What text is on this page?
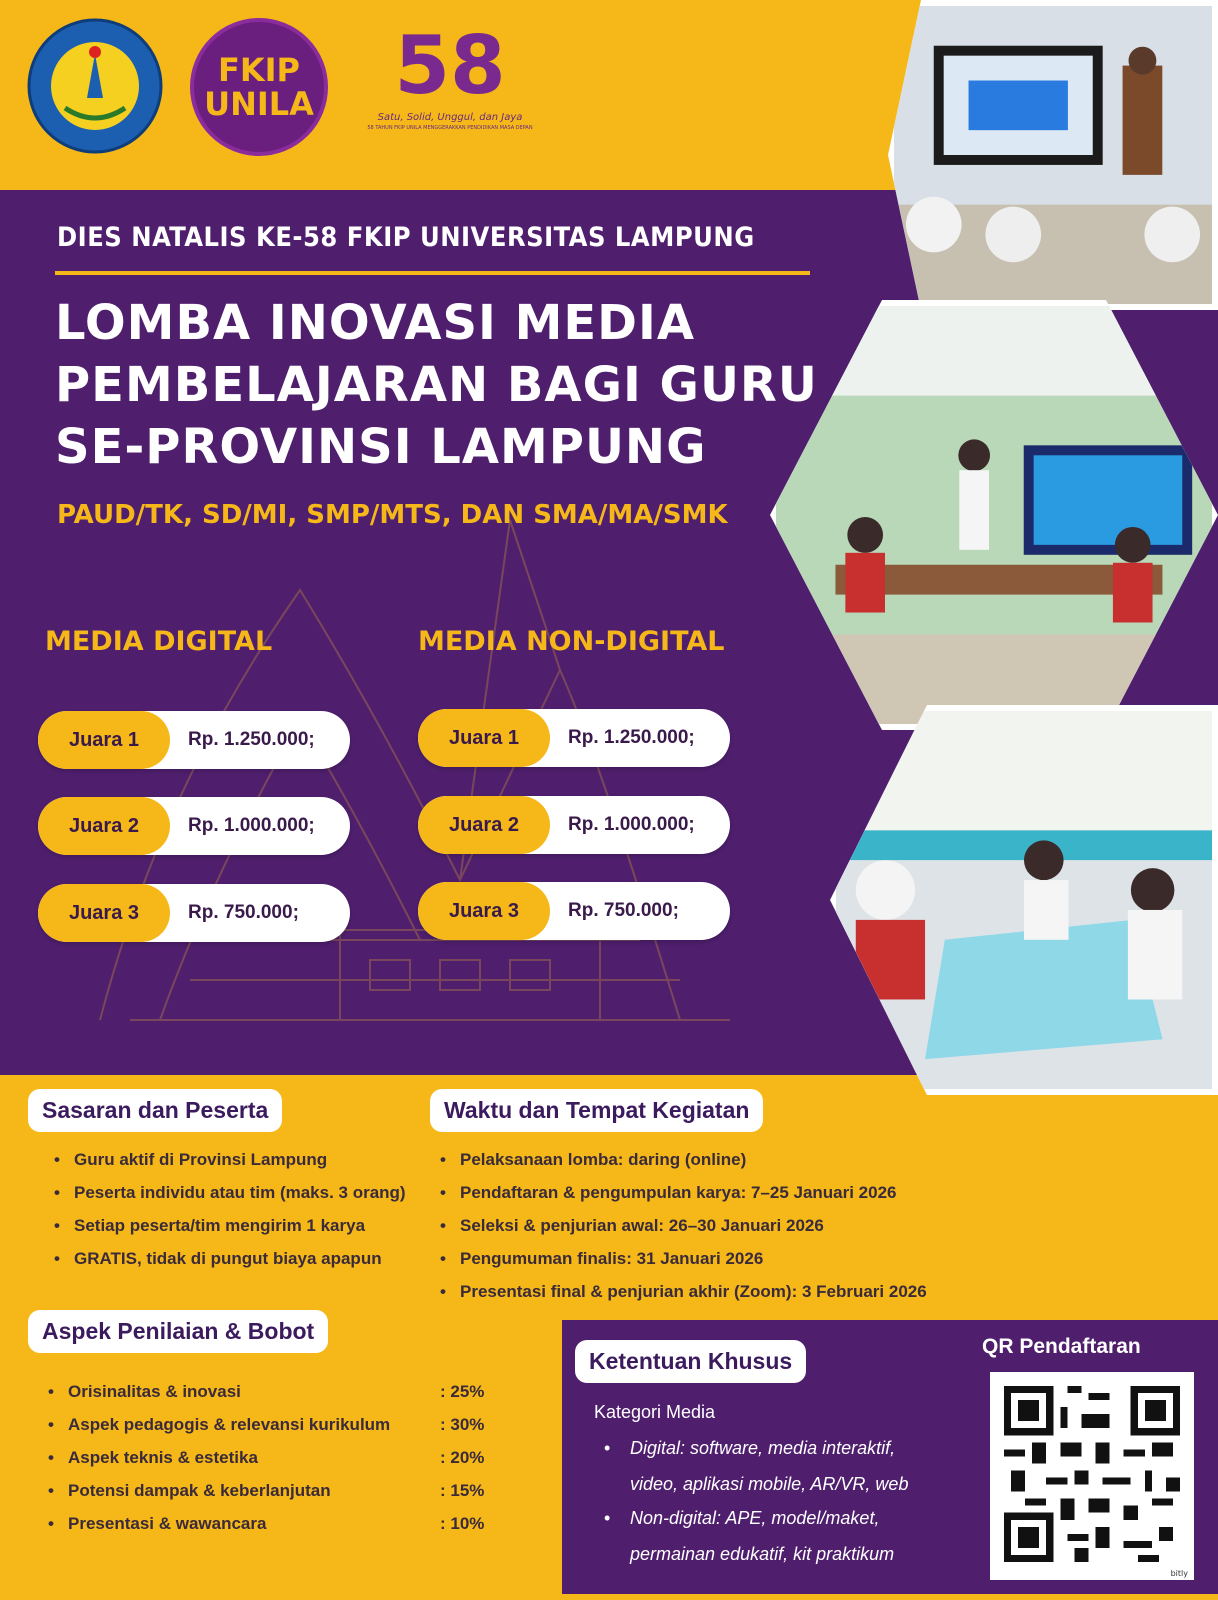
FKIP
UNILA	58
Satu, Solid, Unggul, dan Jaya
58 TAHUN FKIP UNILA MENGGERAKKAN PENDIDIKAN MASA DEPAN
DIES NATALIS KE-58 FKIP UNIVERSITAS LAMPUNG
LOMBA INOVASI MEDIA
PEMBELAJARAN BAGI GURU
SE-PROVINSI LAMPUNG
PAUD/TK, SD/MI, SMP/MTS, DAN SMA/MA/SMK
MEDIA DIGITAL	MEDIA NON-DIGITAL
Juara 1	Rp. 1.250.000;
Juara 2	Rp. 1.000.000;
Juara 3	Rp. 750.000;
Juara 1	Rp. 1.250.000;
Juara 2	Rp. 1.000.000;
Juara 3	Rp. 750.000;
Sasaran dan Peserta
• Guru aktif di Provinsi Lampung
• Peserta individu atau tim (maks. 3 orang)
• Setiap peserta/tim mengirim 1 karya
• GRATIS, tidak di pungut biaya apapun
Waktu dan Tempat Kegiatan
• Pelaksanaan lomba: daring (online)
• Pendaftaran & pengumpulan karya: 7–25 Januari 2026
• Seleksi & penjurian awal: 26–30 Januari 2026
• Pengumuman finalis: 31 Januari 2026
• Presentasi final & penjurian akhir (Zoom): 3 Februari 2026
Aspek Penilaian & Bobot
• Orisinalitas & inovasi	: 25%
• Aspek pedagogis & relevansi kurikulum	: 30%
• Aspek teknis & estetika	: 20%
• Potensi dampak & keberlanjutan	: 15%
• Presentasi & wawancara	: 10%
Ketentuan Khusus
Kategori Media
• Digital: software, media interaktif, video, aplikasi mobile, AR/VR, web
• Non-digital: APE, model/maket, permainan edukatif, kit praktikum
QR Pendaftaran
bitly
